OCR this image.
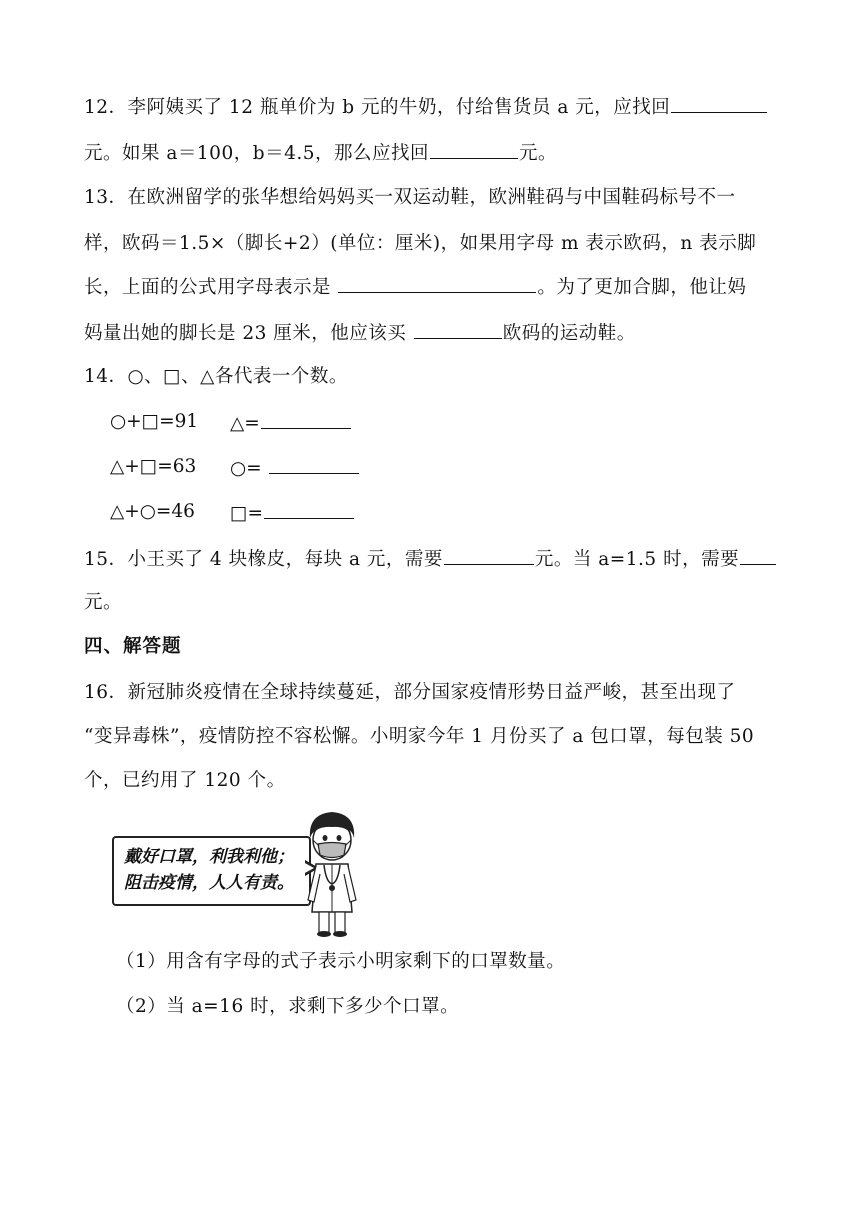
12．李阿姨买了 12 瓶单价为 b 元的牛奶，付给售货员 a 元，应找回
元。如果 a＝100，b＝4.5，那么应找回	元。
13．在欧洲留学的张华想给妈妈买一双运动鞋，欧洲鞋码与中国鞋码标号不一
样，欧码＝1.5×（脚长+2）(单位：厘米)，如果用字母 m 表示欧码，n 表示脚
长，上面的公式用字母表示是	。为了更加合脚，他让妈
妈量出她的脚长是 23 厘米，他应该买	欧码的运动鞋。
14．○、□、△各代表一个数。
○+□=91 △=
△+□=63 ○=
△+○=46 □=
15．小王买了 4 块橡皮，每块 a 元，需要	元。当 a=1.5 时，需要
元。
四、解答题
16．新冠肺炎疫情在全球持续蔓延，部分国家疫情形势日益严峻，甚至出现了
“变异毒株”，疫情防控不容松懈。小明家今年 1 月份买了 a 包口罩，每包装 50
个，已约用了 120 个。
戴好口罩，利我利他；
阻击疫情，人人有责。
（1）用含有字母的式子表示小明家剩下的口罩数量。
（2）当 a=16 时，求剩下多少个口罩。
